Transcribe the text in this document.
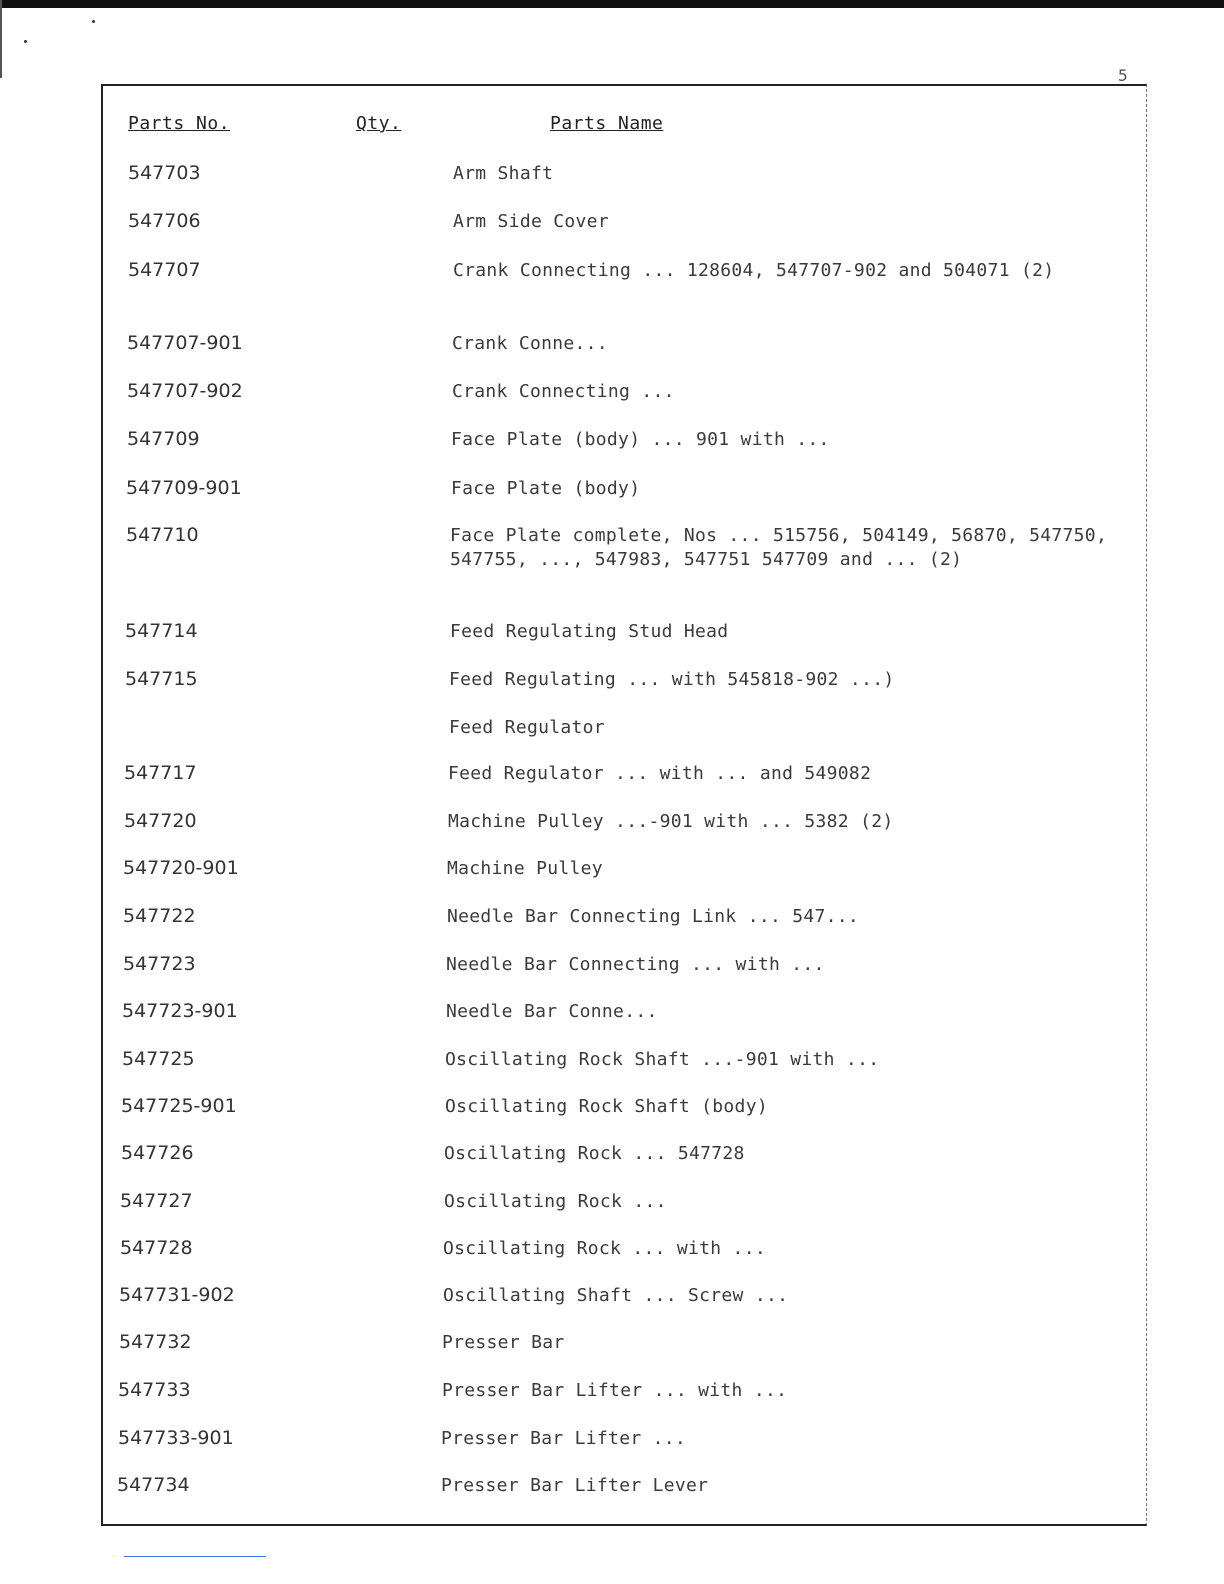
5
Parts No.	Qty.	Parts Name
547703	Arm Shaft
547706	Arm Side Cover
547707	Crank Connecting ... 128604, 547707-902 and 504071 (2)
547707-901	Crank Conne...
547707-902	Crank Connecting ...
547709	Face Plate (body) ... 901 with ...
547709-901	Face Plate (body)
547710	Face Plate complete, Nos ... 515756, 504149, 56870, 547750, 547755, ..., 547983, 547751 547709 and ... (2)
547714	Feed Regulating Stud Head
547715	Feed Regulating ... with 545818-902 ...)
Feed Regulator
547717	Feed Regulator ... with ... and 549082
547720	Machine Pulley ...-901 with ... 5382 (2)
547720-901	Machine Pulley
547722	Needle Bar Connecting Link ... 547...
547723	Needle Bar Connecting ... with ...
547723-901	Needle Bar Conne...
547725	Oscillating Rock Shaft ...-901 with ...
547725-901	Oscillating Rock Shaft (body)
547726	Oscillating Rock ... 547728
547727	Oscillating Rock ...
547728	Oscillating Rock ... with ...
547731-902	Oscillating Shaft ... Screw ...
547732	Presser Bar
547733	Presser Bar Lifter ... with ...
547733-901	Presser Bar Lifter ...
547734	Presser Bar Lifter Lever
